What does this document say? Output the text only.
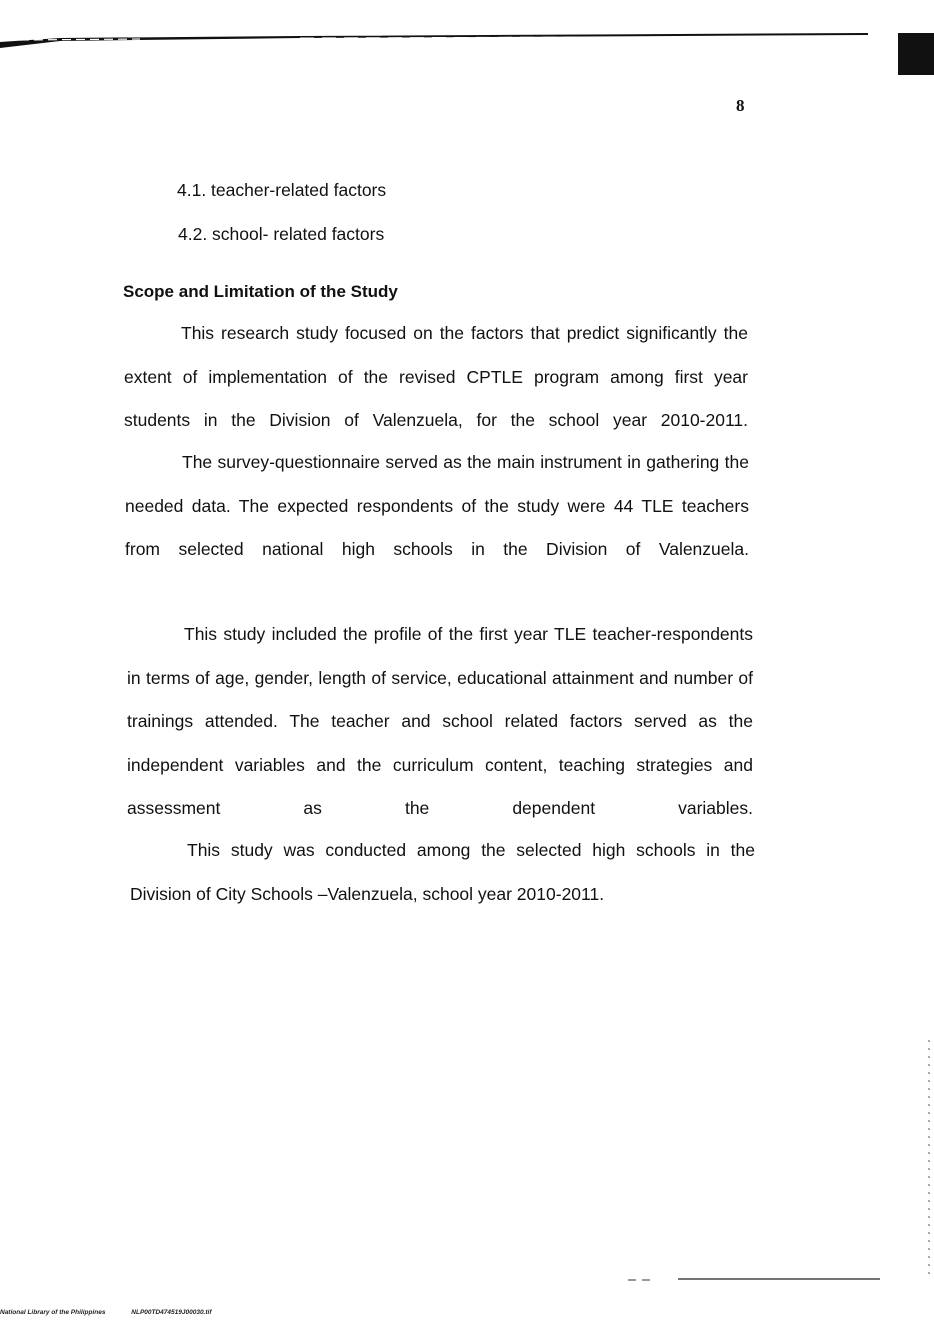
8
4.1. teacher-related factors
4.2. school- related factors
Scope and Limitation of the Study
This research study focused on the factors that predict significantly the extent of implementation of the revised CPTLE program among first year students in the Division of Valenzuela, for the school year 2010-2011.
The survey-questionnaire served as the main instrument in gathering the needed data. The expected respondents of the study were 44 TLE teachers from selected national high schools in the Division of Valenzuela.
This study included the profile of the first year TLE teacher-respondents in terms of age, gender, length of service, educational attainment and number of trainings attended. The teacher and school related factors served as the independent variables and the curriculum content, teaching strategies and assessment as the dependent variables.
This study was conducted among the selected high schools in the Division of City Schools –Valenzuela, school year 2010-2011.
National Library of the Philippines	NLP00TD474519J00030.tif
